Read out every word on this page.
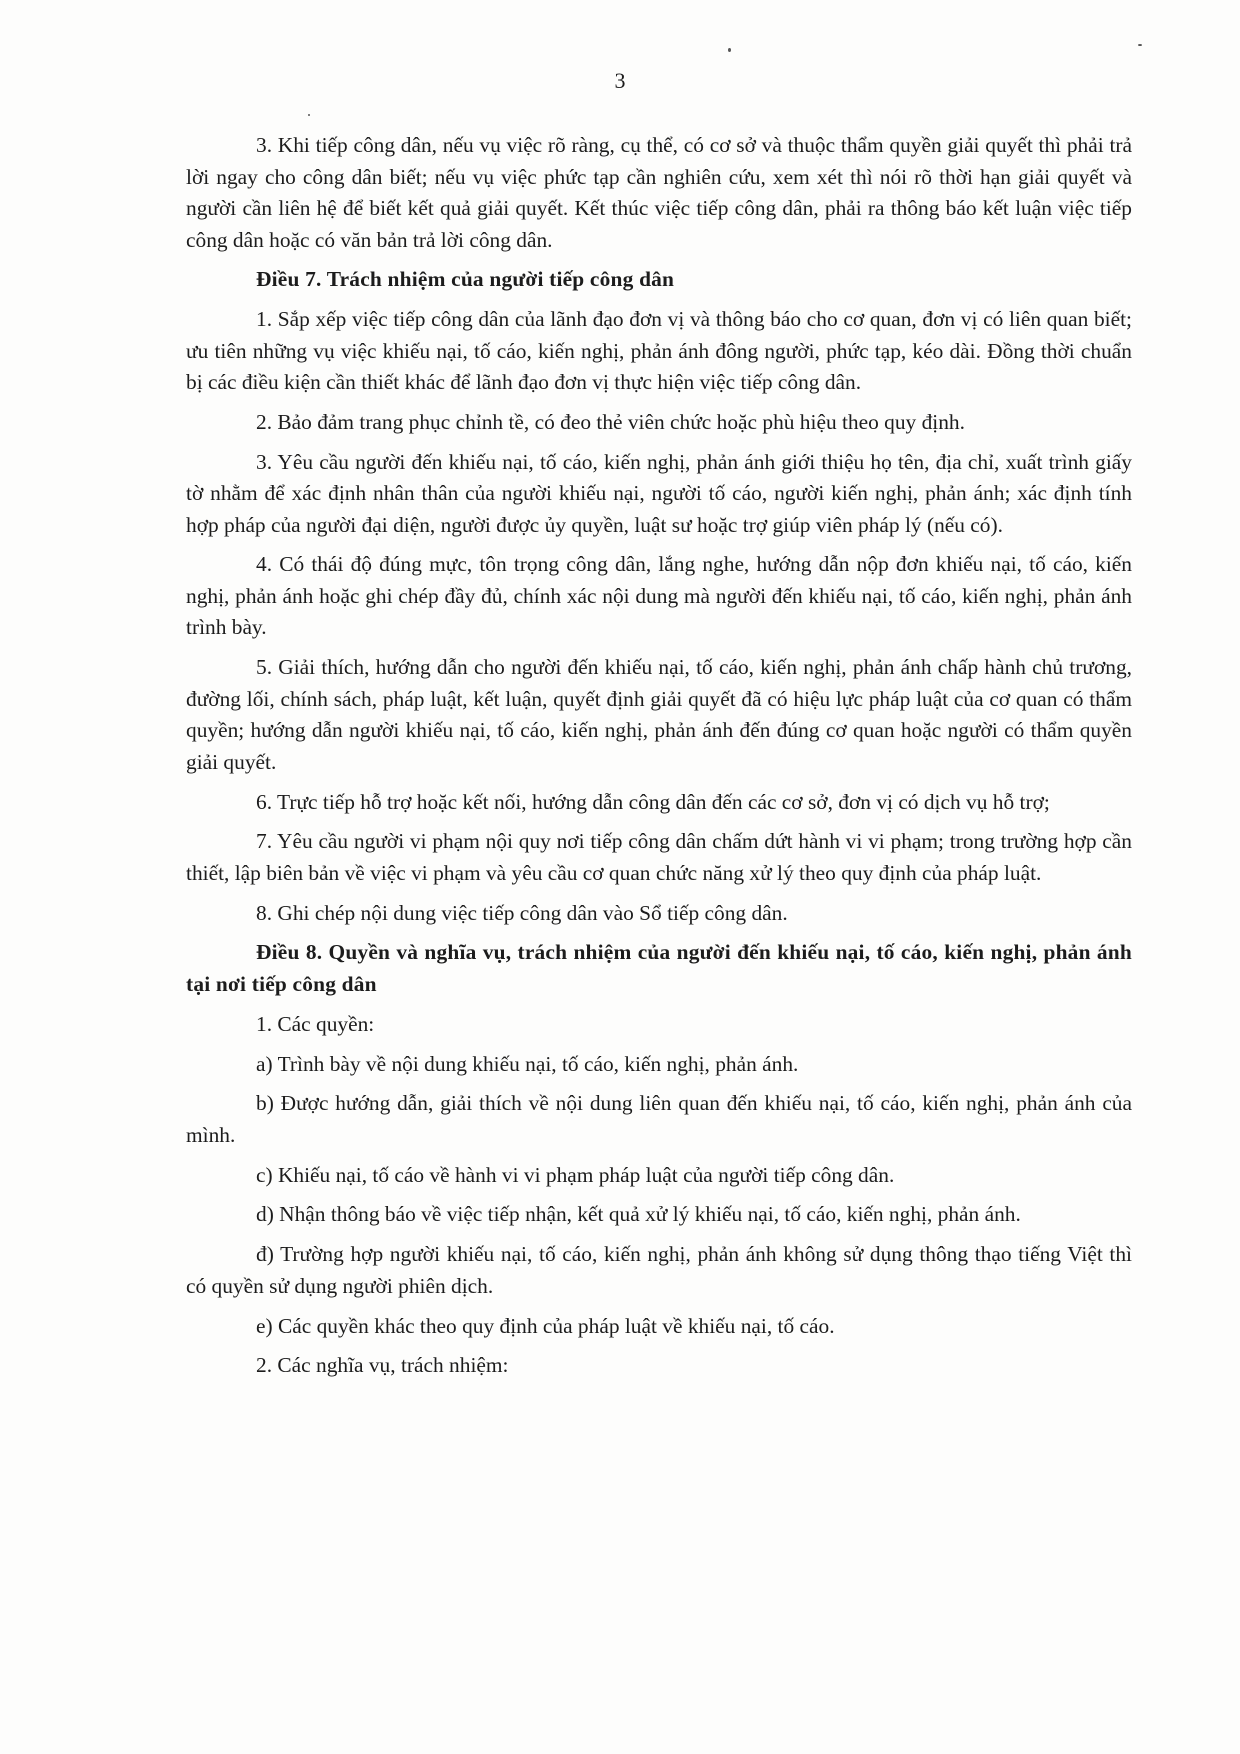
3

3. Khi tiếp công dân, nếu vụ việc rõ ràng, cụ thể, có cơ sở và thuộc thẩm quyền giải quyết thì phải trả lời ngay cho công dân biết; nếu vụ việc phức tạp cần nghiên cứu, xem xét thì nói rõ thời hạn giải quyết và người cần liên hệ để biết kết quả giải quyết. Kết thúc việc tiếp công dân, phải ra thông báo kết luận việc tiếp công dân hoặc có văn bản trả lời công dân.

Điều 7. Trách nhiệm của người tiếp công dân

1. Sắp xếp việc tiếp công dân của lãnh đạo đơn vị và thông báo cho cơ quan, đơn vị có liên quan biết; ưu tiên những vụ việc khiếu nại, tố cáo, kiến nghị, phản ánh đông người, phức tạp, kéo dài. Đồng thời chuẩn bị các điều kiện cần thiết khác để lãnh đạo đơn vị thực hiện việc tiếp công dân.

2. Bảo đảm trang phục chỉnh tề, có đeo thẻ viên chức hoặc phù hiệu theo quy định.

3. Yêu cầu người đến khiếu nại, tố cáo, kiến nghị, phản ánh giới thiệu họ tên, địa chỉ, xuất trình giấy tờ nhằm để xác định nhân thân của người khiếu nại, người tố cáo, người kiến nghị, phản ánh; xác định tính hợp pháp của người đại diện, người được ủy quyền, luật sư hoặc trợ giúp viên pháp lý (nếu có).

4. Có thái độ đúng mực, tôn trọng công dân, lắng nghe, hướng dẫn nộp đơn khiếu nại, tố cáo, kiến nghị, phản ánh hoặc ghi chép đầy đủ, chính xác nội dung mà người đến khiếu nại, tố cáo, kiến nghị, phản ánh trình bày.

5. Giải thích, hướng dẫn cho người đến khiếu nại, tố cáo, kiến nghị, phản ánh chấp hành chủ trương, đường lối, chính sách, pháp luật, kết luận, quyết định giải quyết đã có hiệu lực pháp luật của cơ quan có thẩm quyền; hướng dẫn người khiếu nại, tố cáo, kiến nghị, phản ánh đến đúng cơ quan hoặc người có thẩm quyền giải quyết.

6. Trực tiếp hỗ trợ hoặc kết nối, hướng dẫn công dân đến các cơ sở, đơn vị có dịch vụ hỗ trợ;

7. Yêu cầu người vi phạm nội quy nơi tiếp công dân chấm dứt hành vi vi phạm; trong trường hợp cần thiết, lập biên bản về việc vi phạm và yêu cầu cơ quan chức năng xử lý theo quy định của pháp luật.

8. Ghi chép nội dung việc tiếp công dân vào Sổ tiếp công dân.

Điều 8. Quyền và nghĩa vụ, trách nhiệm của người đến khiếu nại, tố cáo, kiến nghị, phản ánh tại nơi tiếp công dân

1. Các quyền:

a) Trình bày về nội dung khiếu nại, tố cáo, kiến nghị, phản ánh.

b) Được hướng dẫn, giải thích về nội dung liên quan đến khiếu nại, tố cáo, kiến nghị, phản ánh của mình.

c) Khiếu nại, tố cáo về hành vi vi phạm pháp luật của người tiếp công dân.

d) Nhận thông báo về việc tiếp nhận, kết quả xử lý khiếu nại, tố cáo, kiến nghị, phản ánh.

đ) Trường hợp người khiếu nại, tố cáo, kiến nghị, phản ánh không sử dụng thông thạo tiếng Việt thì có quyền sử dụng người phiên dịch.

e) Các quyền khác theo quy định của pháp luật về khiếu nại, tố cáo.

2. Các nghĩa vụ, trách nhiệm:
